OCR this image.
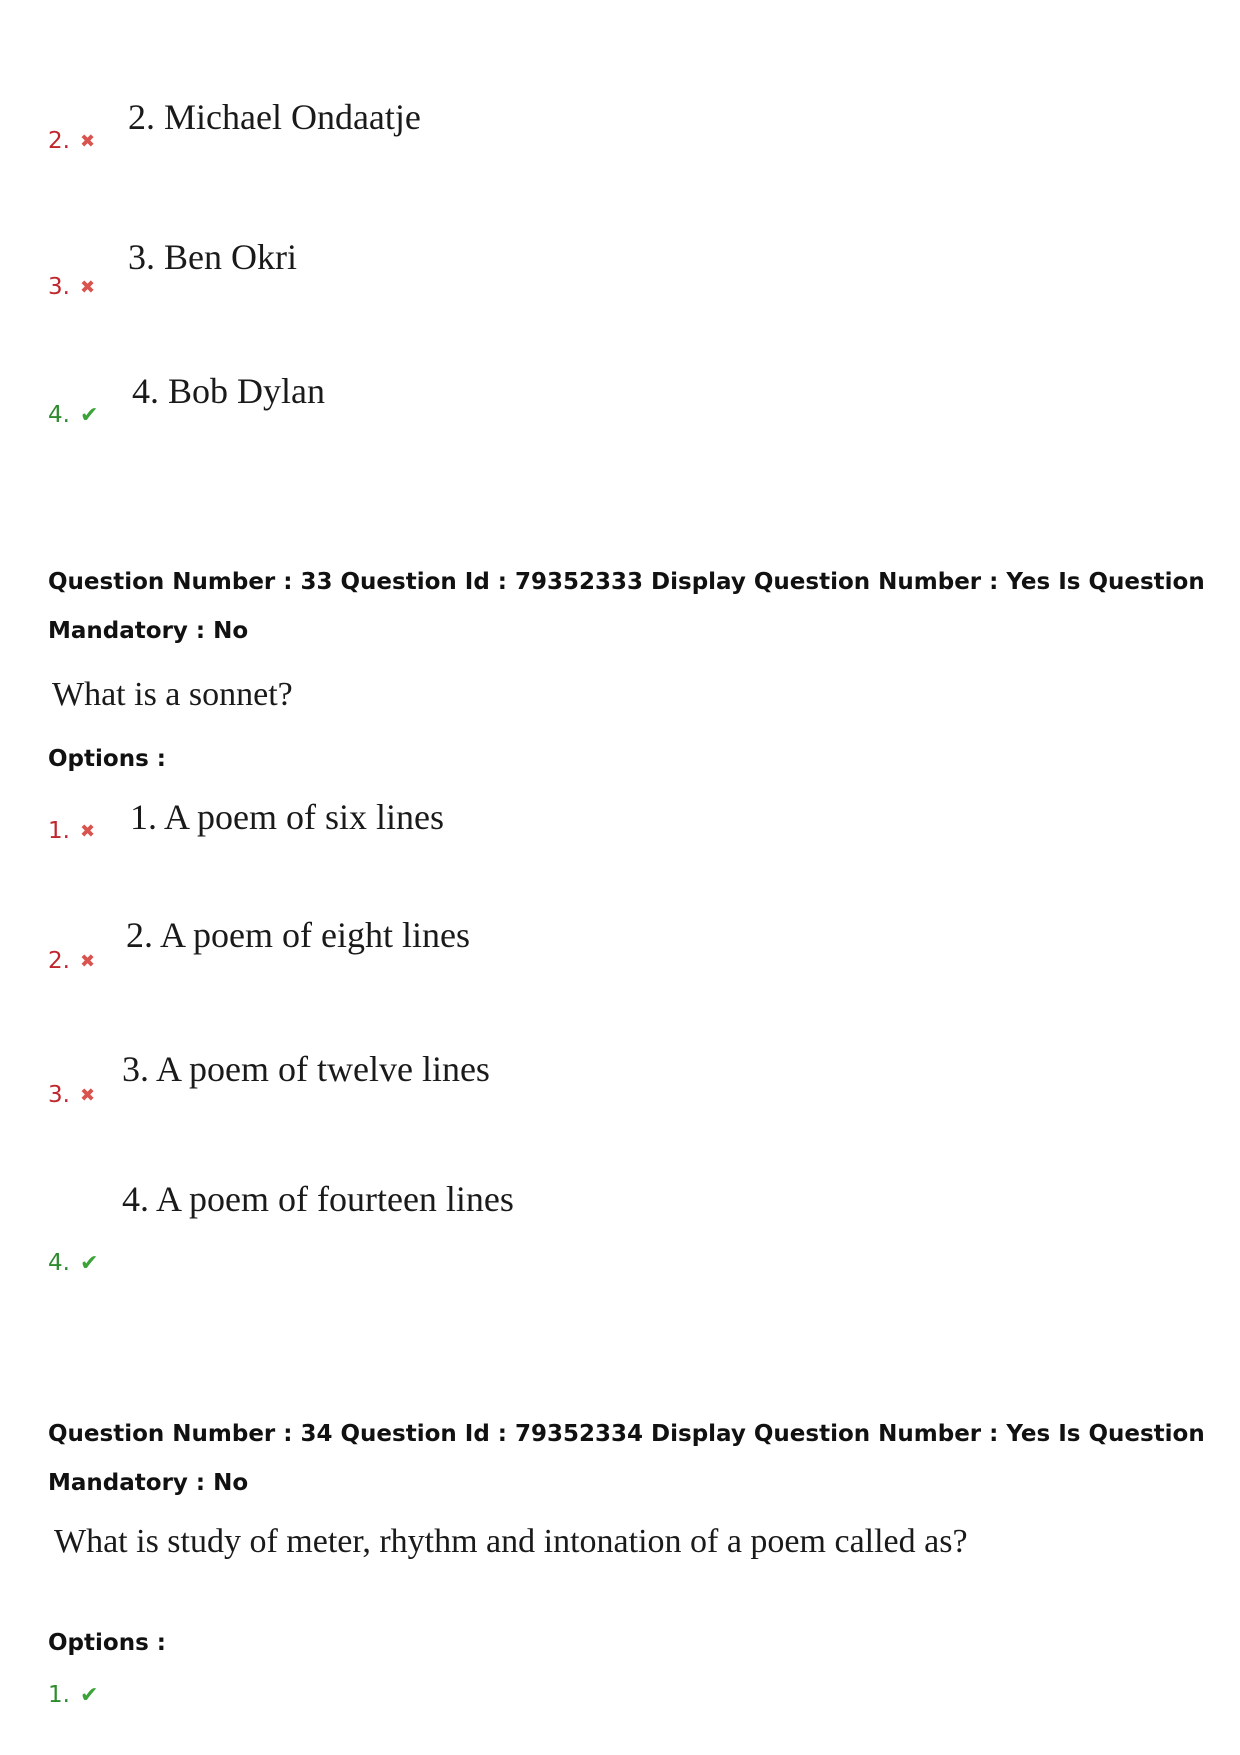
2. ✖
2. Michael Ondaatje
3. ✖
3. Ben Okri
4. ✔
4. Bob Dylan
Question Number : 33 Question Id : 79352333 Display Question Number : Yes Is Question Mandatory : No
What is a sonnet?
Options :
1. ✖ 1. A poem of six lines
2. ✖
2. A poem of eight lines
3. ✖
3. A poem of twelve lines
4. A poem of fourteen lines
4. ✔
Question Number : 34 Question Id : 79352334 Display Question Number : Yes Is Question Mandatory : No
What is study of meter, rhythm and intonation of a poem called as?
Options :
1. ✔
